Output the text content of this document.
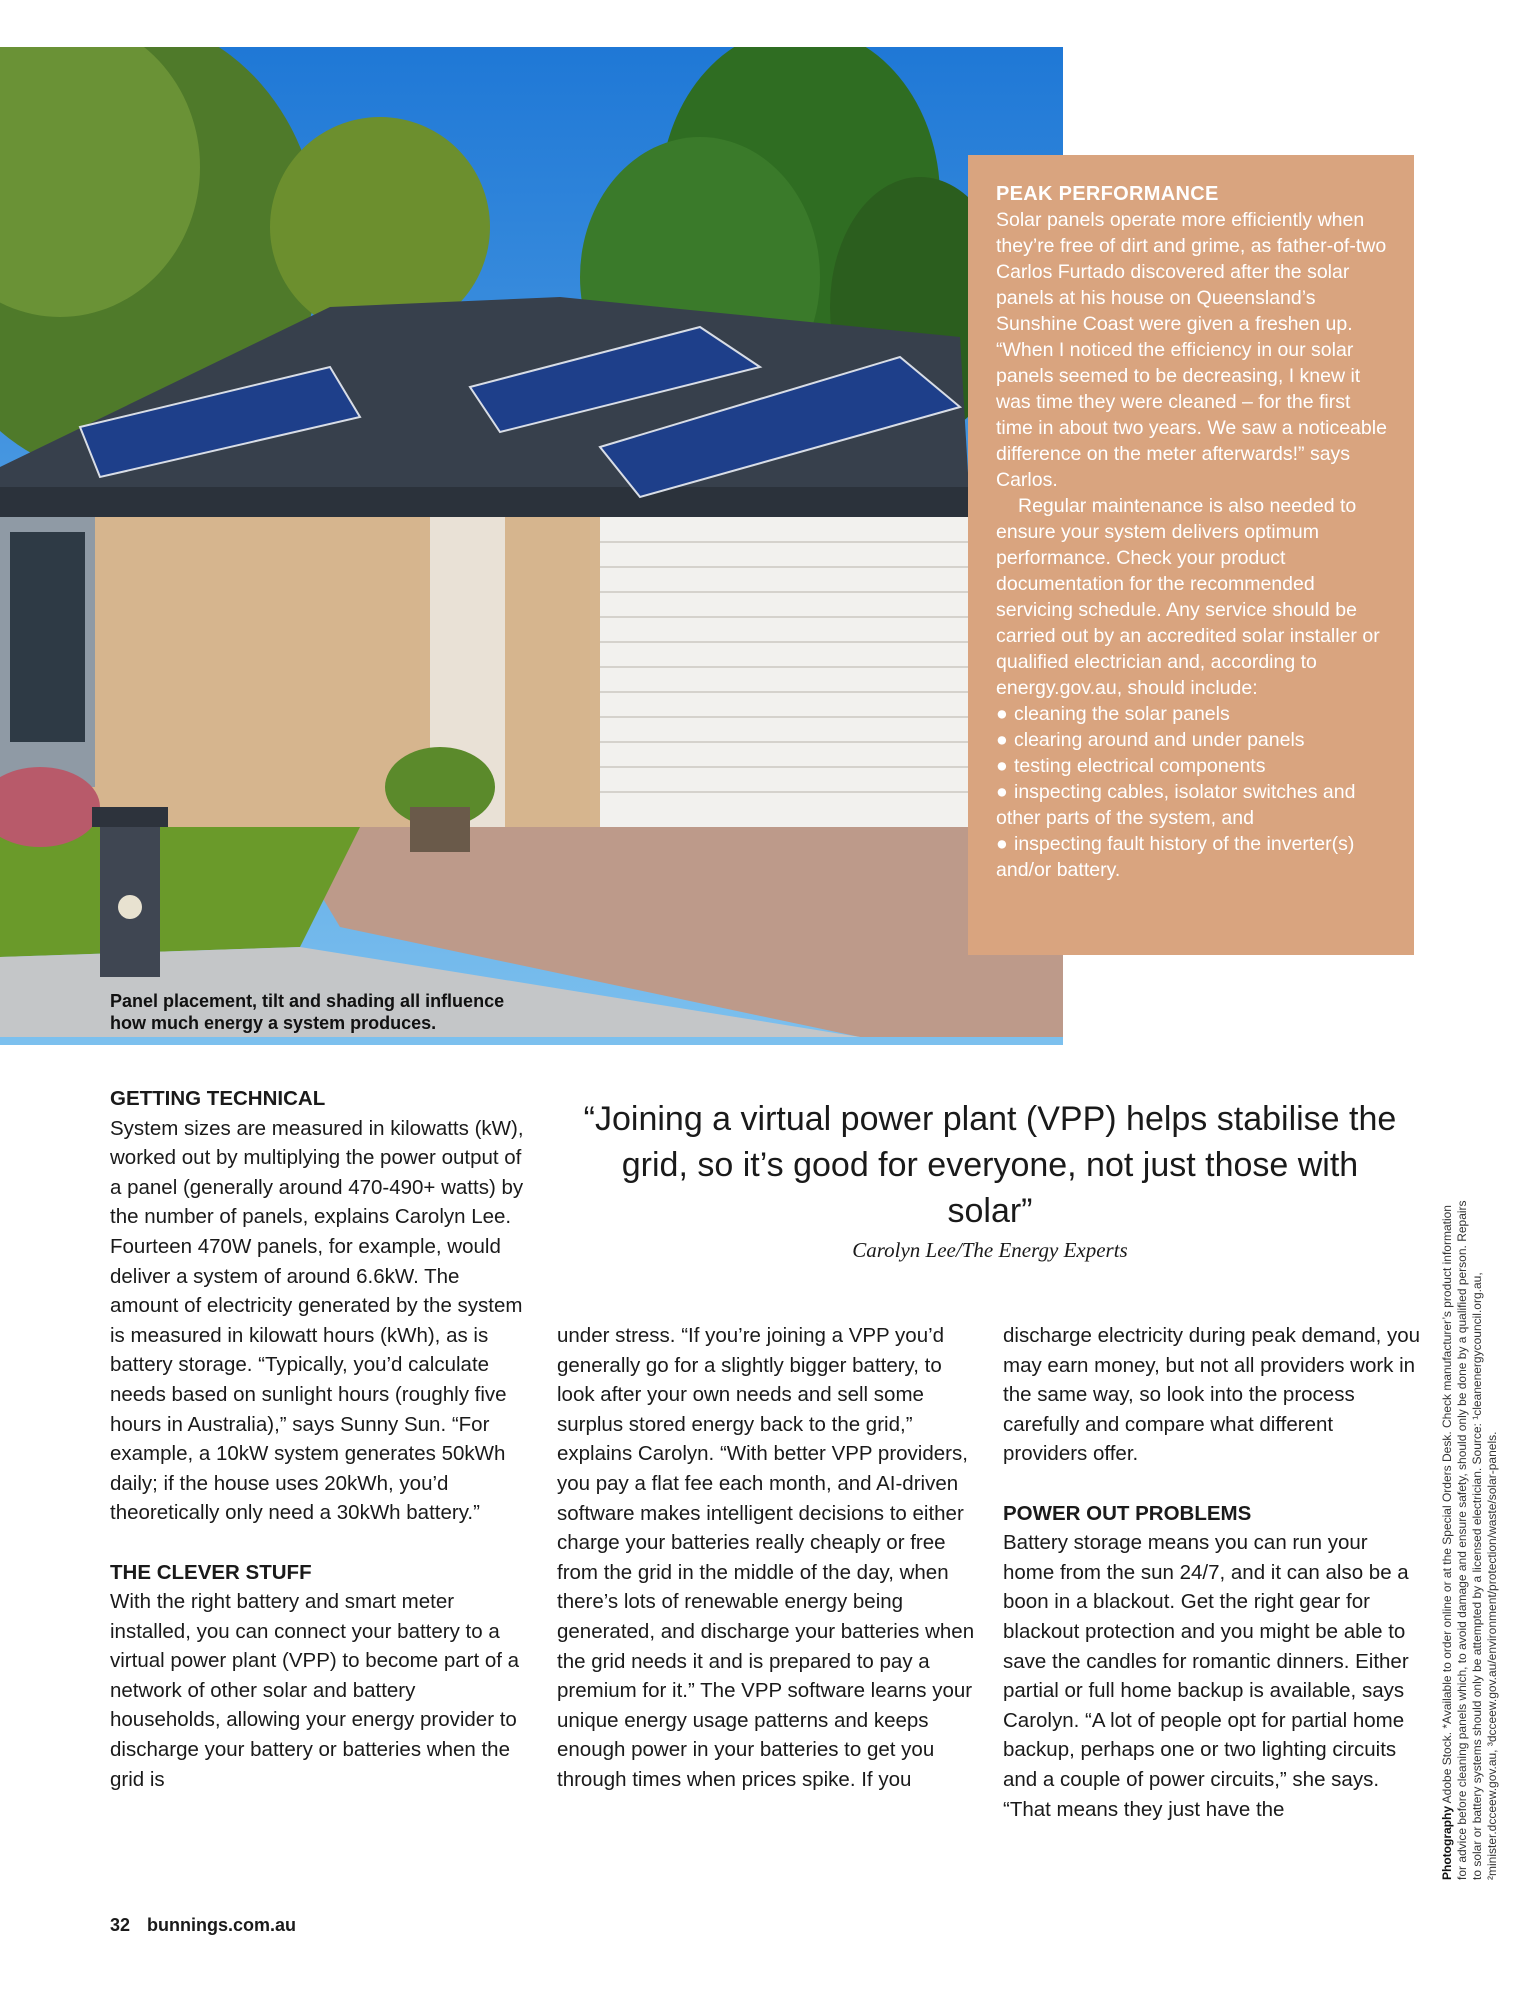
Panel placement, tilt and shading all influence
how much energy a system produces.
PEAK PERFORMANCE

Solar panels operate more efficiently when they’re free of dirt and grime, as father-of-two Carlos Furtado discovered after the solar panels at his house on Queensland’s Sunshine Coast were given a freshen up. “When I noticed the efficiency in our solar panels seemed to be decreasing, I knew it was time they were cleaned – for the first time in about two years. We saw a noticeable difference on the meter afterwards!” says Carlos.

Regular maintenance is also needed to ensure your system delivers optimum performance. Check your product documentation for the recommended servicing schedule. Any service should be carried out by an accredited solar installer or qualified electrician and, according to energy.gov.au, should include:

● cleaning the solar panels
● clearing around and under panels
● testing electrical components
● inspecting cables, isolator switches and other parts of the system, and
● inspecting fault history of the inverter(s) and/or battery.
“Joining a virtual power plant (VPP) helps stabilise the grid, so it’s good for everyone, not just those with solar”
Carolyn Lee/The Energy Experts
GETTING TECHNICAL

System sizes are measured in kilowatts (kW), worked out by multiplying the power output of a panel (generally around 470-490+ watts) by the number of panels, explains Carolyn Lee. Fourteen 470W panels, for example, would deliver a system of around 6.6kW. The amount of electricity generated by the system is measured in kilowatt hours (kWh), as is battery storage. “Typically, you’d calculate needs based on sunlight hours (roughly five hours in Australia),” says Sunny Sun. “For example, a 10kW system generates 50kWh daily; if the house uses 20kWh, you’d theoretically only need a 30kWh battery.”

THE CLEVER STUFF

With the right battery and smart meter installed, you can connect your battery to a virtual power plant (VPP) to become part of a network of other solar and battery households, allowing your energy provider to discharge your battery or batteries when the grid is

under stress. “If you’re joining a VPP you’d generally go for a slightly bigger battery, to look after your own needs and sell some surplus stored energy back to the grid,” explains Carolyn. “With better VPP providers, you pay a flat fee each month, and AI-driven software makes intelligent decisions to either charge your batteries really cheaply or free from the grid in the middle of the day, when there’s lots of renewable energy being generated, and discharge your batteries when the grid needs it and is prepared to pay a premium for it.” The VPP software learns your unique energy usage patterns and keeps enough power in your batteries to get you through times when prices spike. If you

discharge electricity during peak demand, you may earn money, but not all providers work in the same way, so look into the process carefully and compare what different providers offer.

POWER OUT PROBLEMS

Battery storage means you can run your home from the sun 24/7, and it can also be a boon in a blackout. Get the right gear for blackout protection and you might be able to save the candles for romantic dinners. Either partial or full home backup is available, says Carolyn. “A lot of people opt for partial home backup, perhaps one or two lighting circuits and a couple of power circuits,” she says. “That means they just have the	Photography Adobe Stock. *Available to order online or at the Special Orders Desk. Check manufacturer’s product information for advice before cleaning panels which, to avoid damage and ensure safety, should only be done by a qualified person. Repairs to solar or battery systems should only be attempted by a licensed electrician. Source: ¹cleanenergycouncil.org.au, ²minister.dcceew.gov.au, ³dcceew.gov.au/environment/protection/waste/solar-panels.
32 bunnings.com.au
